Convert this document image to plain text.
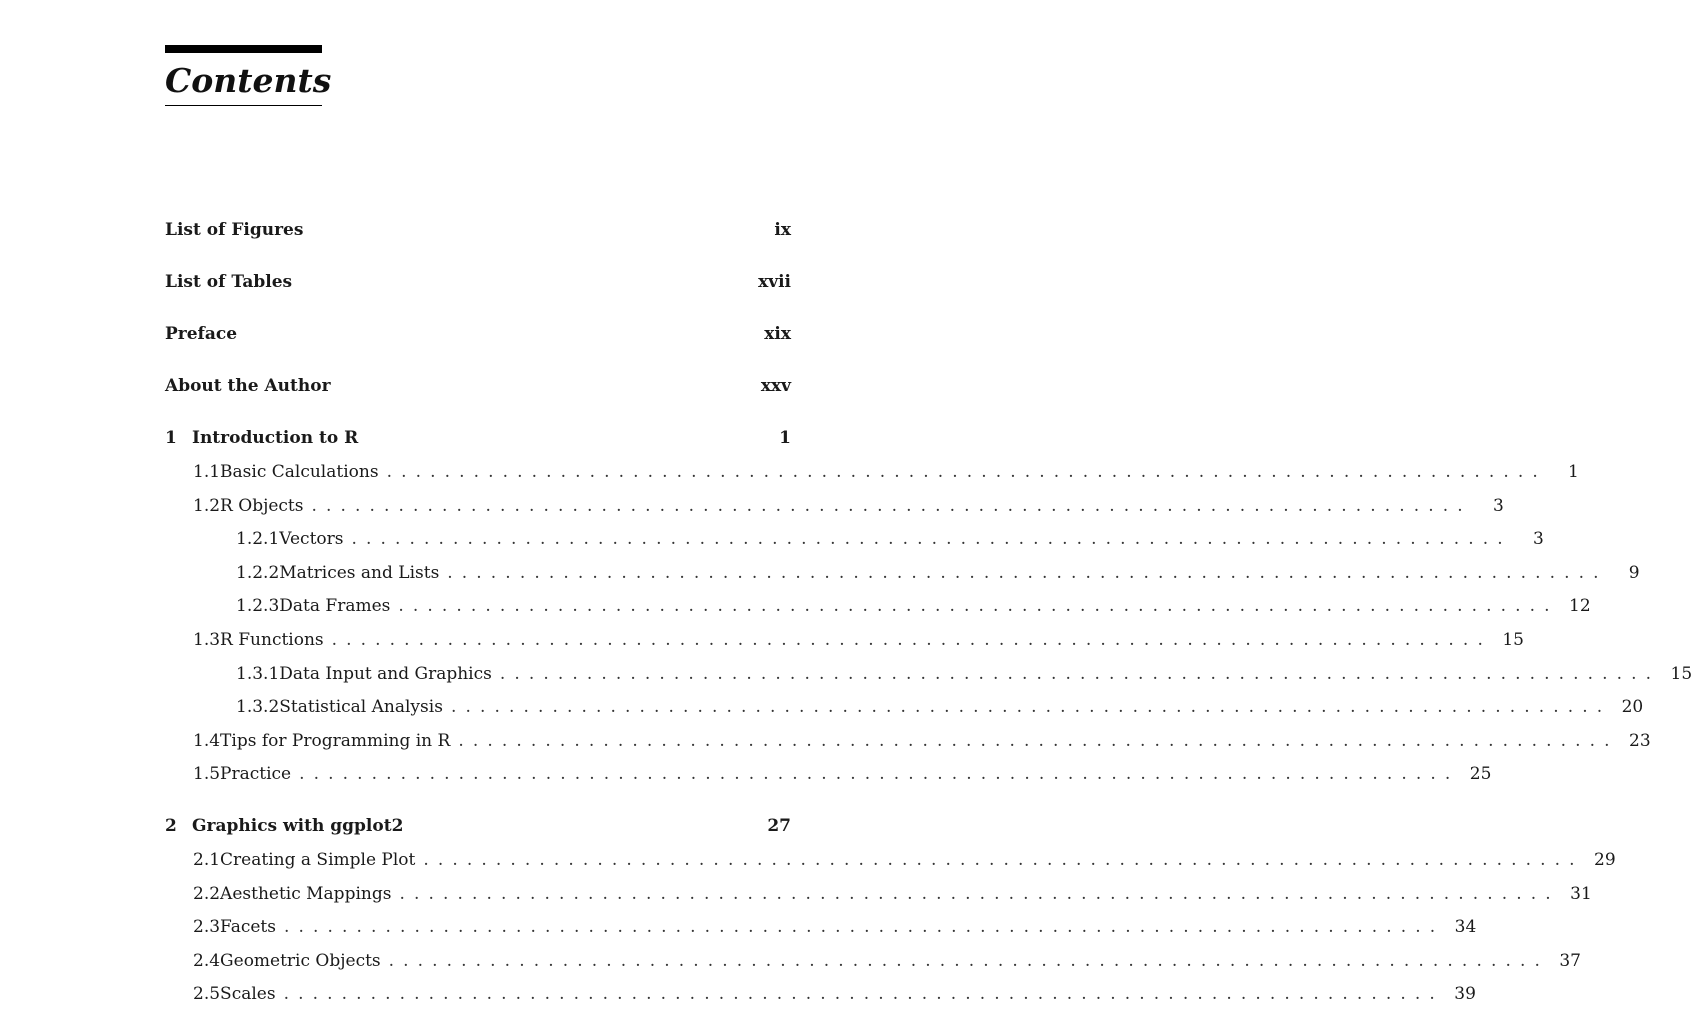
Contents
List of Figures	ix
List of Tables	xvii
Preface	xix
About the Author	xxv
1 Introduction to R	1
1.1 Basic Calculations ................................................................................	1
1.2 R Objects ................................................................................	3
1.2.1 Vectors ................................................................................	3
1.2.2 Matrices and Lists ................................................................................	9
1.2.3 Data Frames ................................................................................ 12
1.3 R Functions ................................................................................ 15
1.3.1 Data Input and Graphics ................................................................................ 15
1.3.2 Statistical Analysis ................................................................................ 20
1.4 Tips for Programming in R ................................................................................ 23
1.5 Practice ................................................................................ 25
2 Graphics with ggplot2	27
2.1 Creating a Simple Plot ................................................................................ 29
2.2 Aesthetic Mappings ................................................................................ 31
2.3 Facets ................................................................................ 34
2.4 Geometric Objects ................................................................................ 37
2.5 Scales ................................................................................ 39
